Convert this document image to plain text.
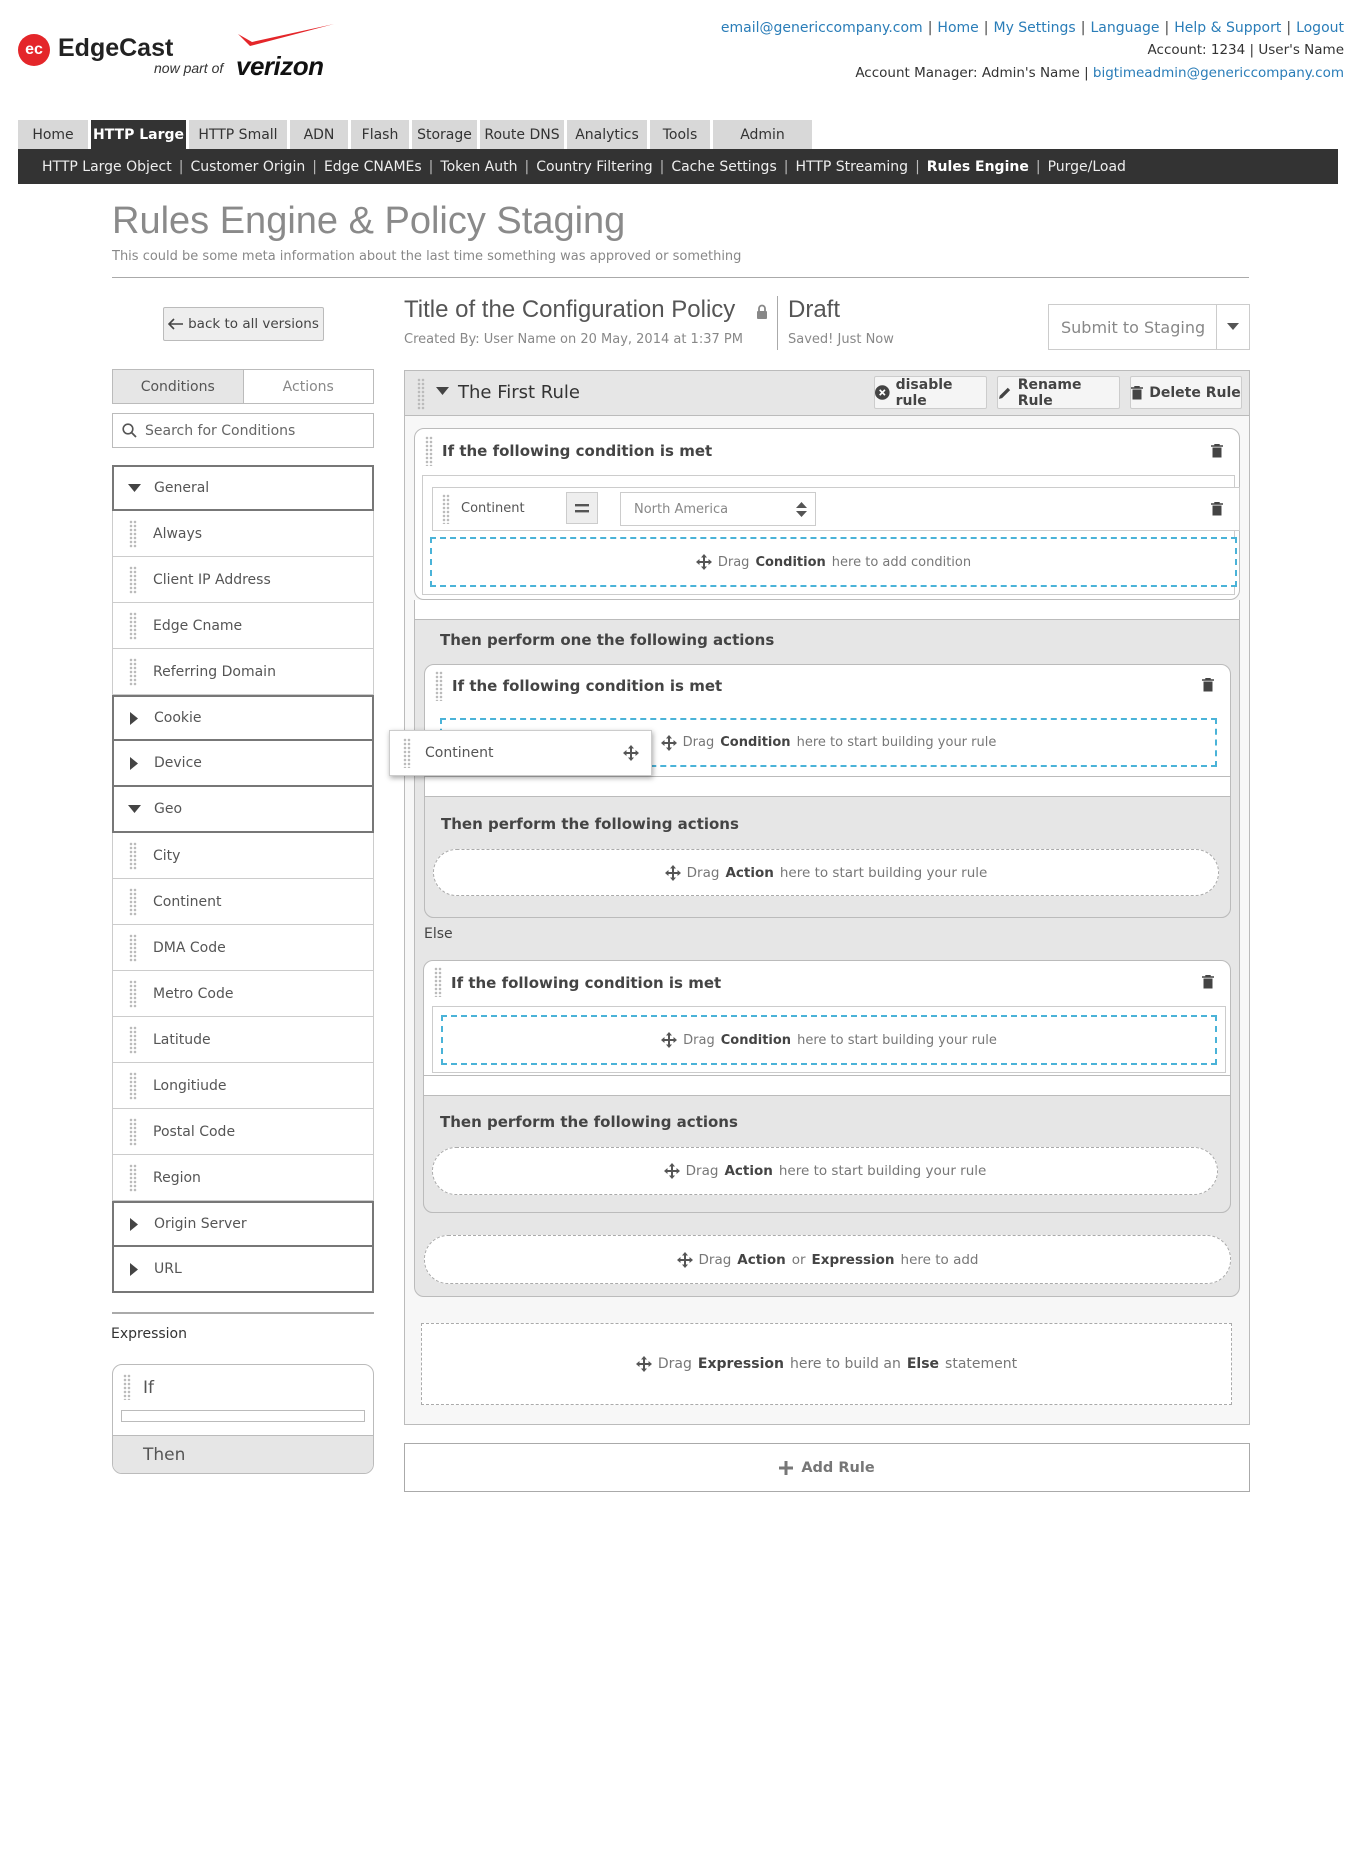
ec EdgeCast
now part of verizon
email@genericcompany.com | Home | My Settings | Language | Help & Support | Logout
Account: 1234 | User's Name
Account Manager: Admin's Name | bigtimeadmin@genericcompany.com
Home	HTTP Large	HTTP Small	ADN	Flash	Storage Route DNS	Analytics	Tools	Admin
HTTP Large Object | Customer Origin | Edge CNAMEs | Token Auth | Country Filtering | Cache Settings | HTTP Streaming | Rules Engine | Purge/Load
Rules Engine & Policy Staging
This could be some meta information about the last time something was approved or something
back to all versions
Title of the Configuration Policy
Created By: User Name on 20 May, 2014 at 1:37 PM
Draft
Saved! Just Now
Submit to Staging
Conditions	Actions
Search for Conditions
General
Always
Client IP Address
Edge Cname
Referring Domain
Cookie
Device
Geo
City
Continent
DMA Code
Metro Code
Latitude
Longitiude
Postal Code
Region
Origin Server
URL
Expression
If
Then
The First Rule	disable rule
Rename Rule	Delete Rule
If the following condition is met
Continent	North America
Drag Condition here to add condition
Then perform one the following actions
If the following condition is met
Drag Condition here to start building your rule
Then perform the following actions
Drag Action here to start building your rule
Else
If the following condition is met
Drag Condition here to start building your rule
Then perform the following actions
Drag Action here to start building your rule
Drag Action or Expression here to add
Drag Expression here to build an Else statement
Continent
Add Rule
